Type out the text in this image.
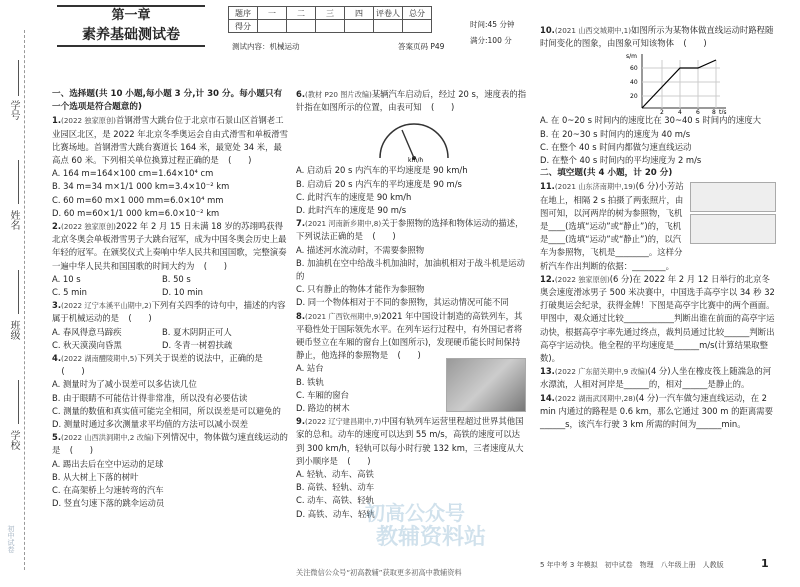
学号
姓名
班级
学校
初中试卷
第一章
素养基础测试卷
题序	一	二	三	四	评卷人	总分
得分						
测试内容：机械运动	答案页码 P49
时间:45 分钟
满分:100 分

一、选择题(共 10 小题,每小题 3 分,计 30 分。每小题只有一个选项是符合题意的)

1.(2022 独家原创)首钢滑雪大跳台位于北京市石景山区首钢老工业园区北区，是 2022 年北京冬季奥运会自由式滑雪和单板滑雪比赛场地。首钢滑雪大跳台赛道长 164 米，最宽处 34 米，最高点 60 米。下列相关单位换算过程正确的是 (　　)

A. 164 m=164×100 cm=1.64×10⁴ cm

B. 34 m=34 m×1/1 000 km=3.4×10⁻² km

C. 60 m=60 m×1 000 mm=6.0×10⁴ mm

D. 60 m=60×1/1 000 km=6.0×10⁻² km

2.(2022 独家原创)2022 年 2 月 15 日未满 18 岁的苏翊鸣获得北京冬奥会单板滑雪男子大跳台冠军，成为中国冬奥会历史上最年轻的冠军。在颁奖仪式上奏响中华人民共和国国歌，完整演奏一遍中华人民共和国国歌的时间大约为 (　　)

A. 10 s	B. 50 s

C. 5 min	D. 10 min

3.(2022 辽宁本溪平山期中,2)下列有关四季的诗句中，描述的内容属于机械运动的是 (　　)

A. 春风得意马蹄疾	B. 夏木阴阴正可人

C. 秋天漠漠向昏黑	D. 冬青一树碧扶疏

4.(2022 湖南醴陵期中,5)下列关于误差的说法中，正确的是(　　)

A. 测量时为了减小误差可以多估读几位

B. 由于眼睛不可能估计得非常准，所以没有必要估读

C. 测量的数值和真实值可能完全相同，所以误差是可以避免的

D. 测量时通过多次测量求平均值的方法可以减小误差

5.(2022 山西洪洞期中,2 改编)下列情况中，物体做匀速直线运动的是 (　　)

A. 踢出去后在空中运动的足球

B. 从大树上下落的树叶

C. 在高架桥上匀速转弯的汽车

D. 竖直匀速下落的跳伞运动员

6.(教材 P20 图片改编)某辆汽车启动后，经过 20 s，速度表的指针指在如图所示的位置，由表可知 (　　)

km/h

A. 启动后 20 s 内汽车的平均速度是 90 km/h

B. 启动后 20 s 内汽车的平均速度是 90 m/s

C. 此时汽车的速度是 90 km/h

D. 此时汽车的速度是 90 m/s

7.(2021 河南新乡期中,8)关于参照物的选择和物体运动的描述，下列说法正确的是 (　　)

A. 描述河水流动时，不需要参照物

B. 加油机在空中给战斗机加油时，加油机相对于战斗机是运动的

C. 只有静止的物体才能作为参照物

D. 同一个物体相对于不同的参照物，其运动情况可能不同

8.(2021 广西钦州期中,9)2021 年中国设计制造的高铁列车，其平稳性处于国际领先水平。在列车运行过程中，有外国记者将硬币竖立在车厢的窗台上(如图所示)，发现硬币能长时间保持静止，他选择的参照物是 (　　)

A. 站台

B. 铁轨

C. 车厢的窗台

D. 路边的树木

9.(2022 辽宁建昌期中,7)中国有轨列车运营里程超过世界其他国家的总和。动车的速度可以达到 55 m/s，高铁的速度可以达到 300 km/h，轻轨可以每小时行驶 132 km，三者速度从大到小顺序是 (　　)

A. 轻轨、动车、高铁

B. 高铁、轻轨、动车

C. 动车、高铁、轻轨

D. 高铁、动车、轻轨

10.(2021 山西交城期中,1)如图所示为某物体做直线运动时路程随时间变化的图象，由图象可知该物体 (　　)

s/m
t/s
60
40
20
2 4 6 8

A. 在 0~20 s 时间内的速度比在 30~40 s 时间内的速度大

B. 在 20~30 s 时间内的速度为 40 m/s

C. 在整个 40 s 时间内都做匀速直线运动

D. 在整个 40 s 时间内的平均速度为 2 m/s

二、填空题(共 4 小题，计 20 分)

11.(2021 山东济南期中,19)(6 分)小芳站在地上，相隔 2 s 拍摄了两张照片，由图可知，以河两岸的树为参照物，飞机是____(选填“运动”或“静止”)的，飞机是____(选填“运动”或“静止”)的，以汽车为参照物，飞机是________。这样分析汽车作出判断的依据：________。

12.(2022 独家原创)(6 分)在 2022 年 2 月 12 日举行的北京冬奥会速度滑冰男子 500 米决赛中，中国选手高亭宇以 34 秒 32 打破奥运会纪录，获得金牌！下图是高亭宇比赛中的两个画面。甲图中，观众通过比较____________判断出谁在前面的高亭宇运动快，根据高亭宇率先通过终点，裁判员通过比较______判断出高亭宇运动快。他全程的平均速度是______m/s(计算结果取整数)。

13.(2022 广东韶关期中,9 改编)(4 分)人坐在橡皮筏上随湍急的河水漂流，人相对河岸是______的，相对______是静止的。

14.(2022 湖南武冈期中,28)(4 分)一汽车做匀速直线运动，在 2 min 内通过的路程是 0.6 km，那么它通过 300 m 的距离需要______s，该汽车行驶 3 km 所需的时间为______min。

初高公众号
教辅资料站
5 年中考 3 年模拟　初中试卷　物理　八年级上册　人教版	1
关注微信公众号“初高教辅”获取更多初高中教辅资料
